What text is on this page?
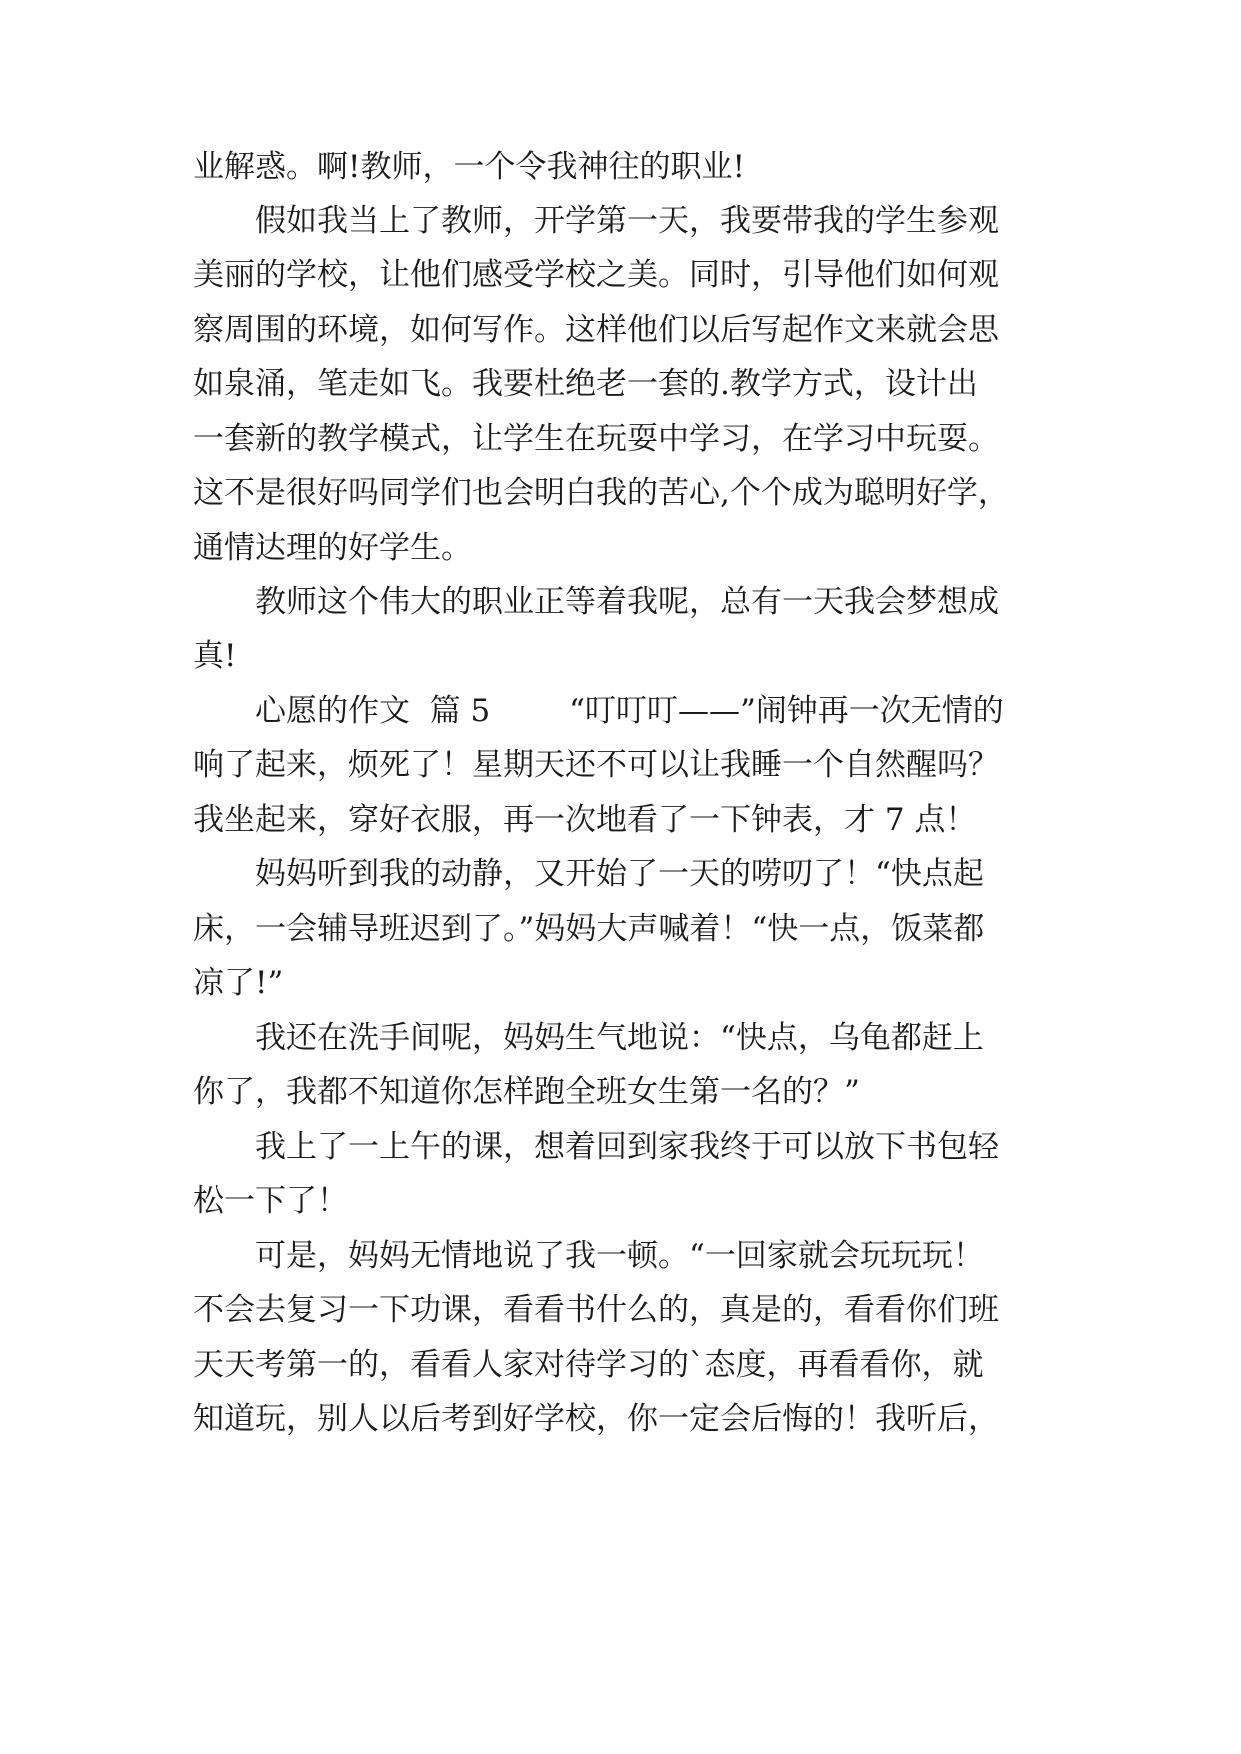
业解惑。啊!教师，一个令我神往的职业!
假如我当上了教师，开学第一天，我要带我的学生参观
美丽的学校，让他们感受学校之美。同时，引导他们如何观
察周围的环境，如何写作。这样他们以后写起作文来就会思
如泉涌，笔走如飞。我要杜绝老一套的.教学方式，设计出
一套新的教学模式，让学生在玩耍中学习，在学习中玩耍。
这不是很好吗同学们也会明白我的苦心,个个成为聪明好学，
通情达理的好学生。
教师这个伟大的职业正等着我呢，总有一天我会梦想成
真!
心愿的作文  篇 5        “叮叮叮——”闹钟再一次无情的
响了起来，烦死了！星期天还不可以让我睡一个自然醒吗？
我坐起来，穿好衣服，再一次地看了一下钟表，才 7 点！
妈妈听到我的动静，又开始了一天的唠叨了！“快点起
床，一会辅导班迟到了。”妈妈大声喊着！“快一点，饭菜都
凉了!”
我还在洗手间呢，妈妈生气地说：“快点，乌龟都赶上
你了，我都不知道你怎样跑全班女生第一名的？”
我上了一上午的课，想着回到家我终于可以放下书包轻
松一下了！
可是，妈妈无情地说了我一顿。“一回家就会玩玩玩！
不会去复习一下功课，看看书什么的，真是的，看看你们班
天天考第一的，看看人家对待学习的`态度，再看看你，就
知道玩，别人以后考到好学校，你一定会后悔的！我听后，
